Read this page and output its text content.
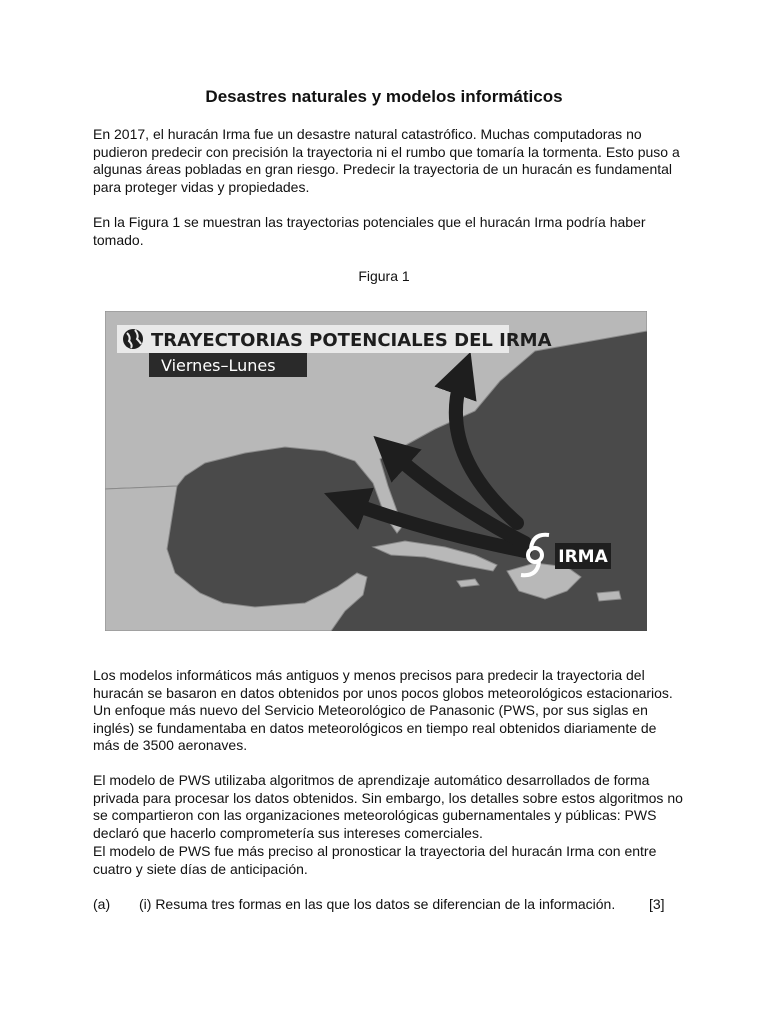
Desastres naturales y modelos informáticos

En 2017, el huracán Irma fue un desastre natural catastrófico. Muchas computadoras no pudieron predecir con precisión la trayectoria ni el rumbo que tomaría la tormenta. Esto puso a algunas áreas pobladas en gran riesgo. Predecir la trayectoria de un huracán es fundamental para proteger vidas y propiedades.

En la Figura 1 se muestran las trayectorias potenciales que el huracán Irma podría haber tomado.

Figura 1

IRMA
TRAYECTORIAS POTENCIALES DEL IRMA
Viernes–Lunes

Los modelos informáticos más antiguos y menos precisos para predecir la trayectoria del huracán se basaron en datos obtenidos por unos pocos globos meteorológicos estacionarios. Un enfoque más nuevo del Servicio Meteorológico de Panasonic (PWS, por sus siglas en inglés) se fundamentaba en datos meteorológicos en tiempo real obtenidos diariamente de más de 3500 aeronaves.

El modelo de PWS utilizaba algoritmos de aprendizaje automático desarrollados de forma privada para procesar los datos obtenidos. Sin embargo, los detalles sobre estos algoritmos no se compartieron con las organizaciones meteorológicas gubernamentales y públicas: PWS declaró que hacerlo comprometería sus intereses comerciales.

El modelo de PWS fue más preciso al pronosticar la trayectoria del huracán Irma con entre cuatro y siete días de anticipación.

(a) (i) Resuma tres formas en las que los datos se diferencian de la información. [3]
